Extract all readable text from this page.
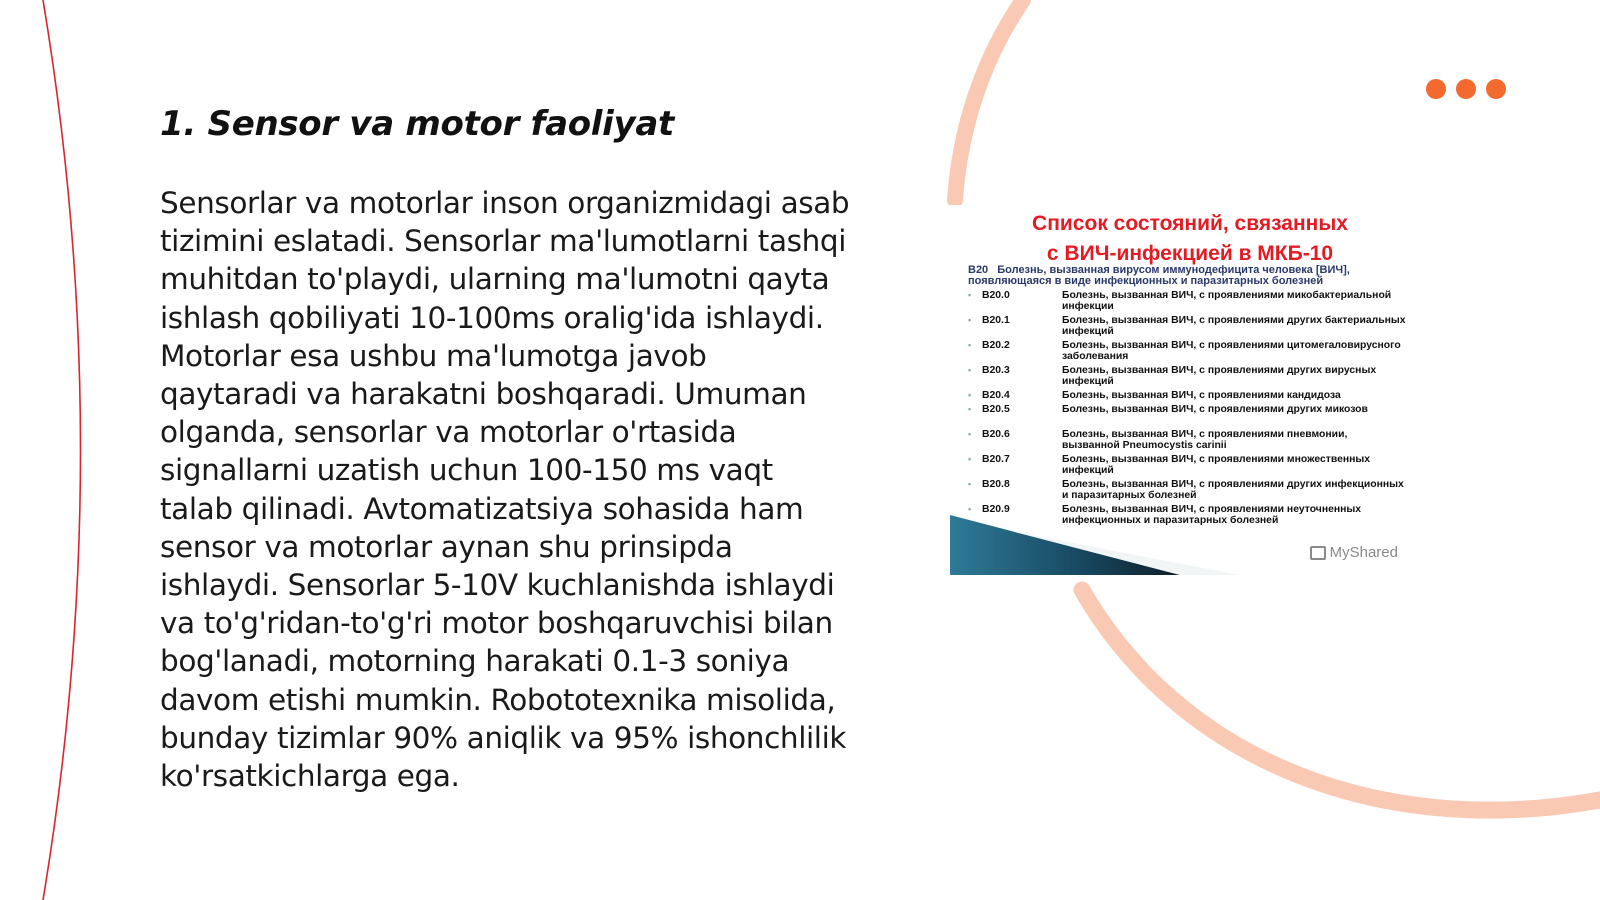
1. Sensor va motor faoliyat

Sensorlar va motorlar inson organizmidagi asab tizimini eslatadi. Sensorlar ma'lumotlarni tashqi muhitdan to'playdi, ularning ma'lumotni qayta ishlash qobiliyati 10-100ms oralig'ida ishlaydi. Motorlar esa ushbu ma'lumotga javob qaytaradi va harakatni boshqaradi. Umuman olganda, sensorlar va motorlar o'rtasida signallarni uzatish uchun 100-150 ms vaqt talab qilinadi. Avtomatizatsiya sohasida ham sensor va motorlar aynan shu prinsipda ishlaydi. Sensorlar 5-10V kuchlanishda ishlaydi va to'g'ridan-to'g'ri motor boshqaruvchisi bilan bog'lanadi, motorning harakati 0.1-3 soniya davom etishi mumkin. Robototexnika misolida, bunday tizimlar 90% aniqlik va 95% ishonchlilik ko'rsatkichlarga ega.

Список состояний, связанных
с ВИЧ-инфекцией в МКБ-10
B20 Болезнь, вызванная вирусом иммунодефицита человека [ВИЧ], появляющаяся в виде инфекционных и паразитарных болезней
•	B20.0	Болезнь, вызванная ВИЧ, с проявлениями микобактериальной инфекции
•	B20.1	Болезнь, вызванная ВИЧ, с проявлениями других бактериальных инфекций
•	B20.2	Болезнь, вызванная ВИЧ, с проявлениями цитомегаловирусного заболевания
•	B20.3	Болезнь, вызванная ВИЧ, с проявлениями других вирусных инфекций
•	B20.4	Болезнь, вызванная ВИЧ, с проявлениями кандидоза
•	B20.5	Болезнь, вызванная ВИЧ, с проявлениями других микозов
•	B20.6	Болезнь, вызванная ВИЧ, с проявлениями пневмонии, вызванной Pneumocystis carinii
•	B20.7	Болезнь, вызванная ВИЧ, с проявлениями множественных инфекций
•	B20.8	Болезнь, вызванная ВИЧ, с проявлениями других инфекционных и паразитарных болезней
•	B20.9	Болезнь, вызванная ВИЧ, с проявлениями неуточненных инфекционных и паразитарных болезней
MyShared
